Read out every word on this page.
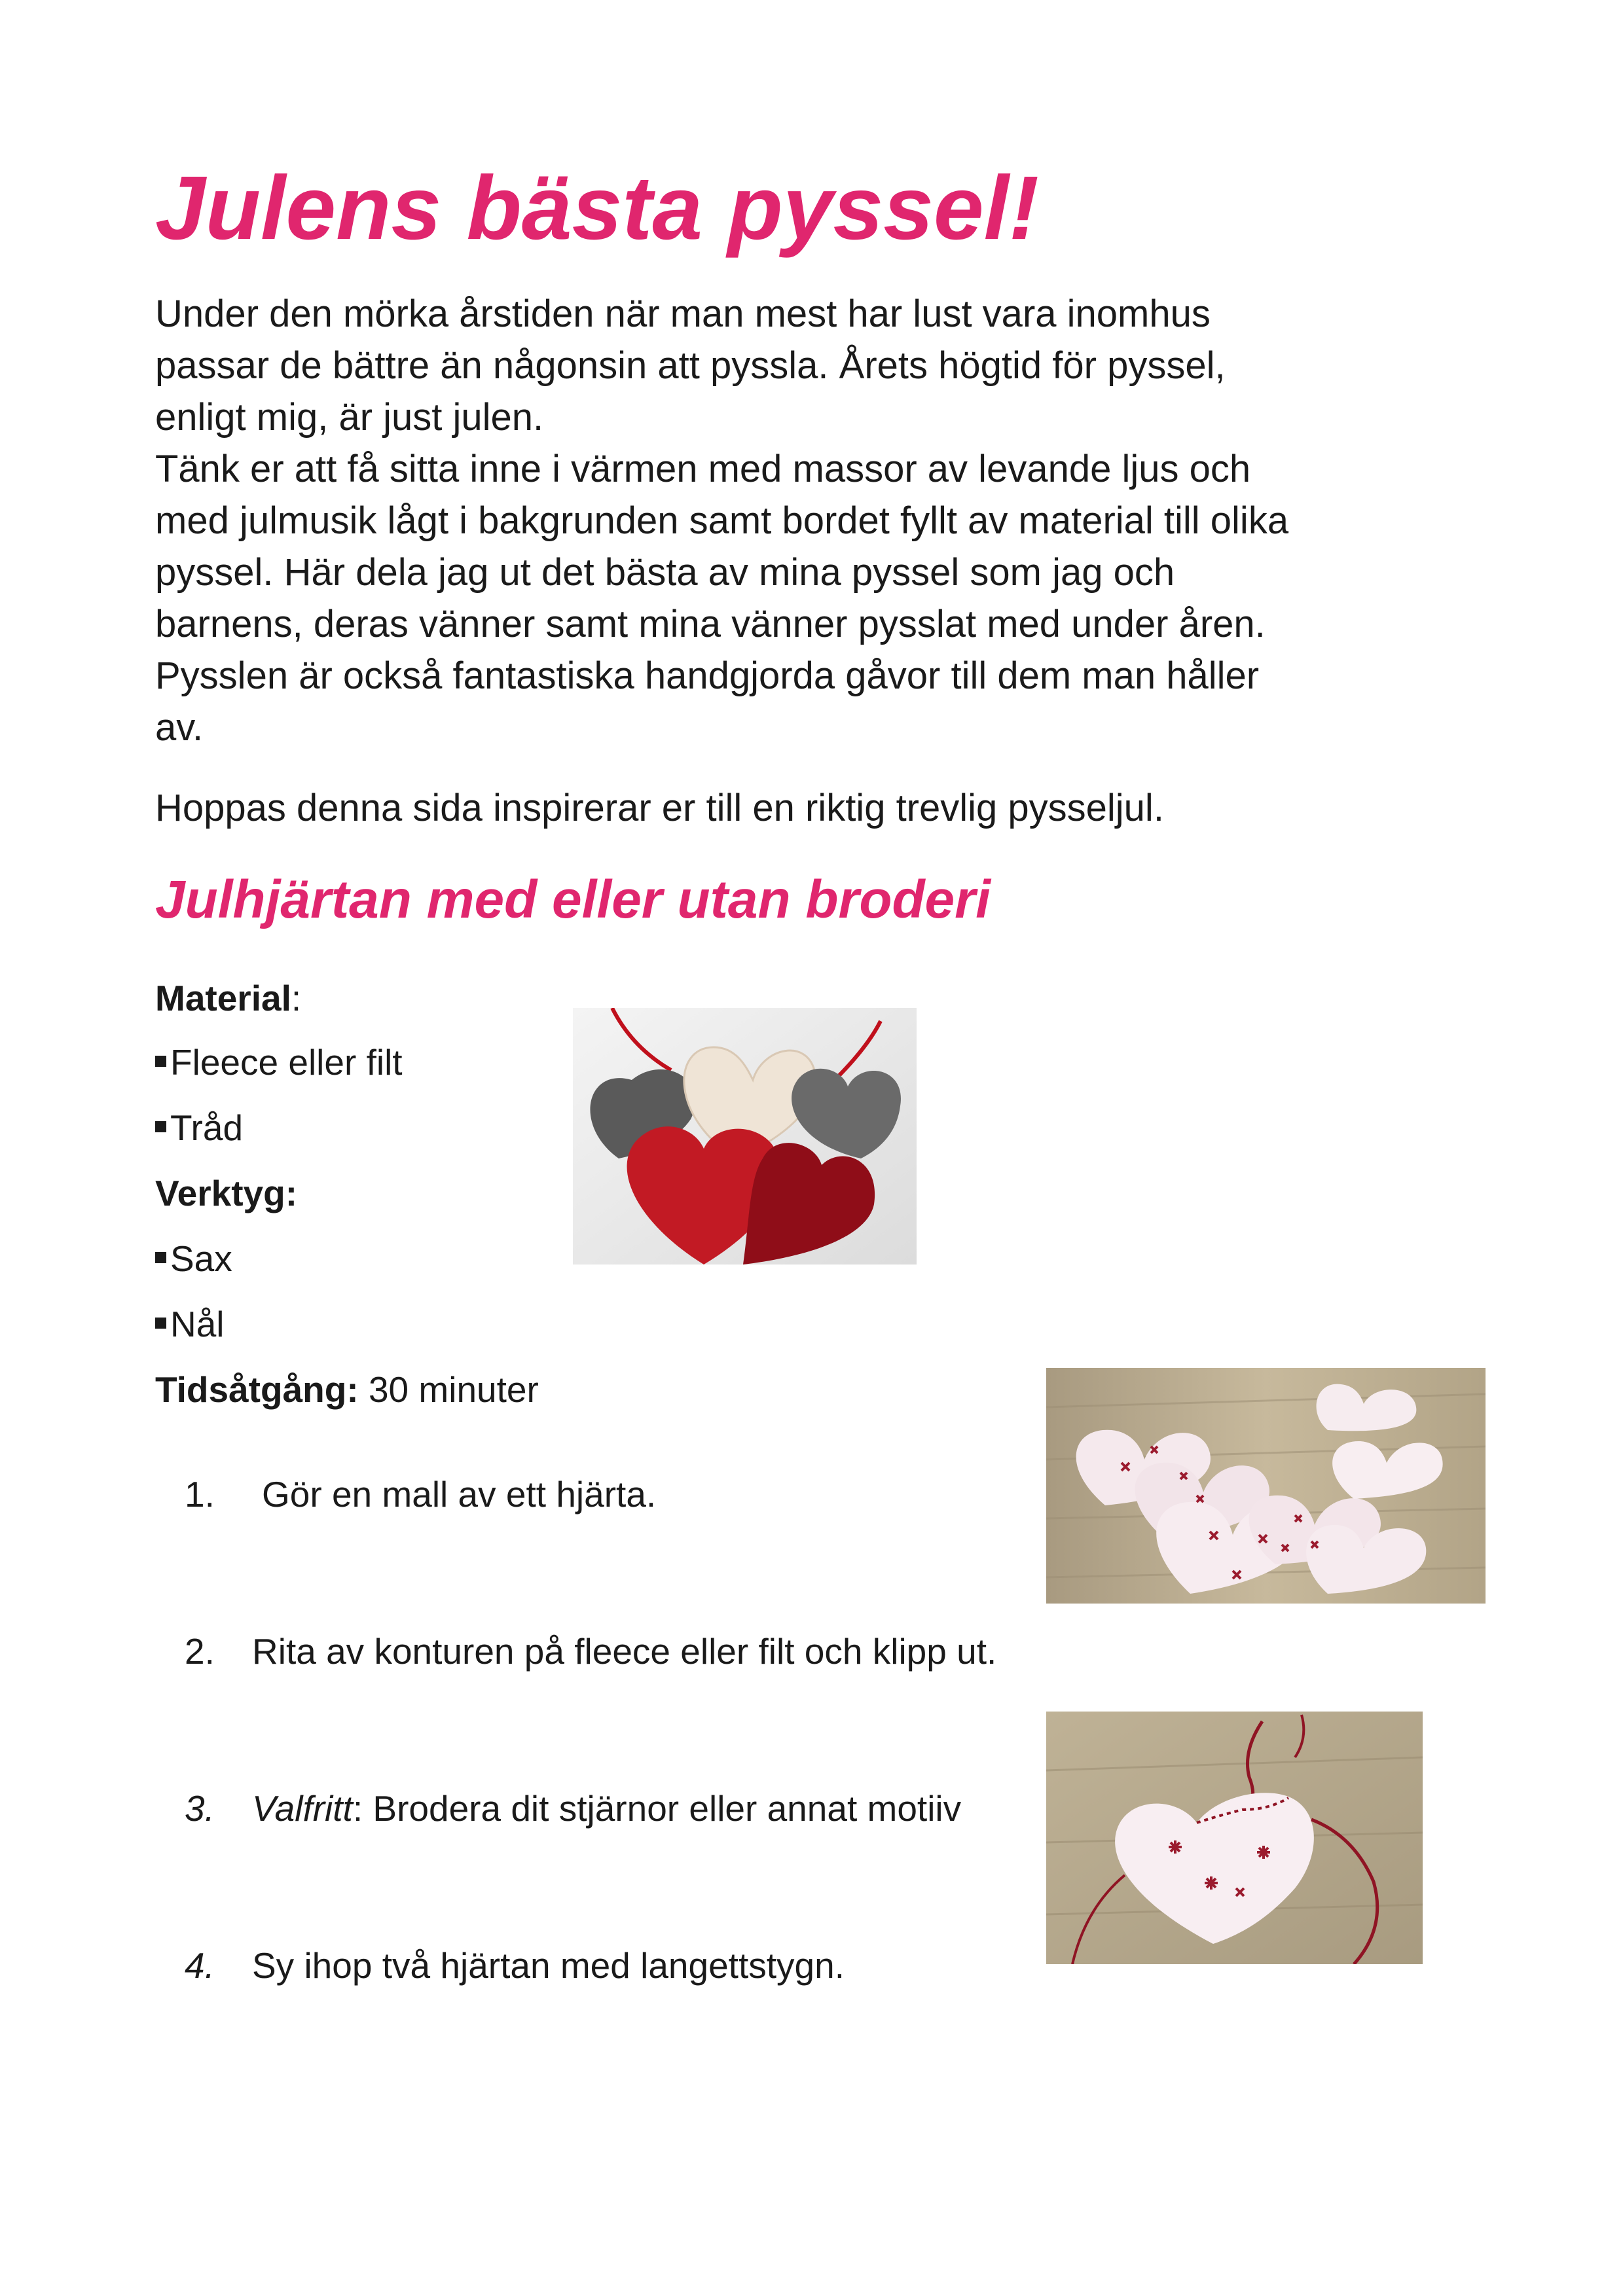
Julens bästa pyssel!

Under den mörka årstiden när man mest har lust vara inomhus
passar de bättre än någonsin att pyssla. Årets högtid för pyssel,
enligt mig, är just julen.
Tänk er att få sitta inne i värmen med massor av levande ljus och
med julmusik lågt i bakgrunden samt bordet fyllt av material till olika
pyssel. Här dela jag ut det bästa av mina pyssel som jag och
barnens, deras vänner samt mina vänner pysslat med under åren.
Pysslen är också fantastiska handgjorda gåvor till dem man håller
av.

Hoppas denna sida inspirerar er till en riktig trevlig pysseljul.

Julhjärtan med eller utan broderi
Material:
Fleece eller filt
Tråd
Verktyg:
Sax
Nål
Tidsåtgång: 30 minuter
1. Gör en mall av ett hjärta.
2. Rita av konturen på fleece eller filt och klipp ut.
3. Valfritt: Brodera dit stjärnor eller annat motiiv
4. Sy ihop två hjärtan med langettstygn.
